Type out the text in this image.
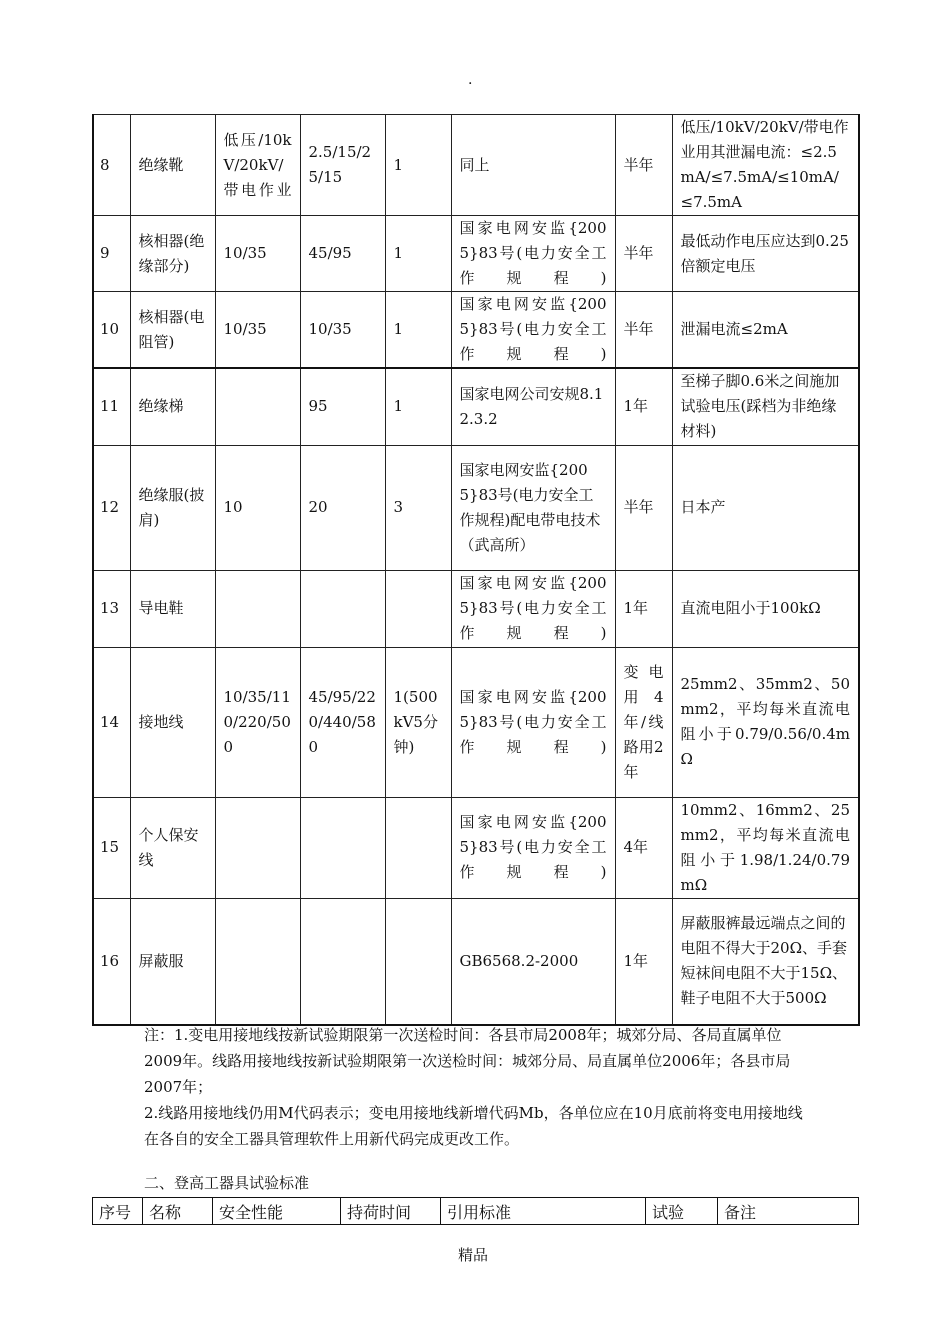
.
8	绝缘靴	低压/10kV/20kV/带电作业	2.5/15/25/15	1	同上	半年	低压/10kV/20kV/带电作业用其泄漏电流：≤2.5mA/≤7.5mA/≤10mA/≤7.5mA
9	核相器(绝缘部分)	10/35	45/95	1	国家电网安监{2005}83号(电力安全工作规程)	半年	最低动作电压应达到0.25倍额定电压
10	核相器(电阻管)	10/35	10/35	1	国家电网安监{2005}83号(电力安全工作规程)	半年	泄漏电流≤2mA
11	绝缘梯		95	1	国家电网公司安规8.12.3.2	1年	至梯子脚0.6米之间施加试验电压(踩档为非绝缘材料)
12	绝缘服(披肩)	10	20	3	国家电网安监{2005}83号(电力安全工作规程)配电带电技术（武高所）	半年	日本产
13	导电鞋				国家电网安监{2005}83号(电力安全工作规程)	1年	直流电阻小于100kΩ
14	接地线	10/35/110/220/500	45/95/220/440/580	1(500kV5分钟)	国家电网安监{2005}83号(电力安全工作规程)	变电用4年/线路用2年	25mm2、35mm2、50mm2，平均每米直流电阻小于0.79/0.56/0.4mΩ
15	个人保安线				国家电网安监{2005}83号(电力安全工作规程)	4年	10mm2、16mm2、25mm2，平均每米直流电阻小于1.98/1.24/0.79mΩ
16	屏蔽服				GB6568.2-2000	1年	屏蔽服裤最远端点之间的电阻不得大于20Ω、手套短袜间电阻不大于15Ω、鞋子电阻不大于500Ω

注：1.变电用接地线按新试验期限第一次送检时间：各县市局2008年；城郊分局、各局直属单位2009年。线路用接地线按新试验期限第一次送检时间：城郊分局、局直属单位2006年；各县市局2007年；

2.线路用接地线仍用M代码表示；变电用接地线新增代码Mb，各单位应在10月底前将变电用接地线在各自的安全工器具管理软件上用新代码完成更改工作。

二、登高工器具试验标准
序号	名称	安全性能	持荷时间	引用标准	试验	备注
精品
